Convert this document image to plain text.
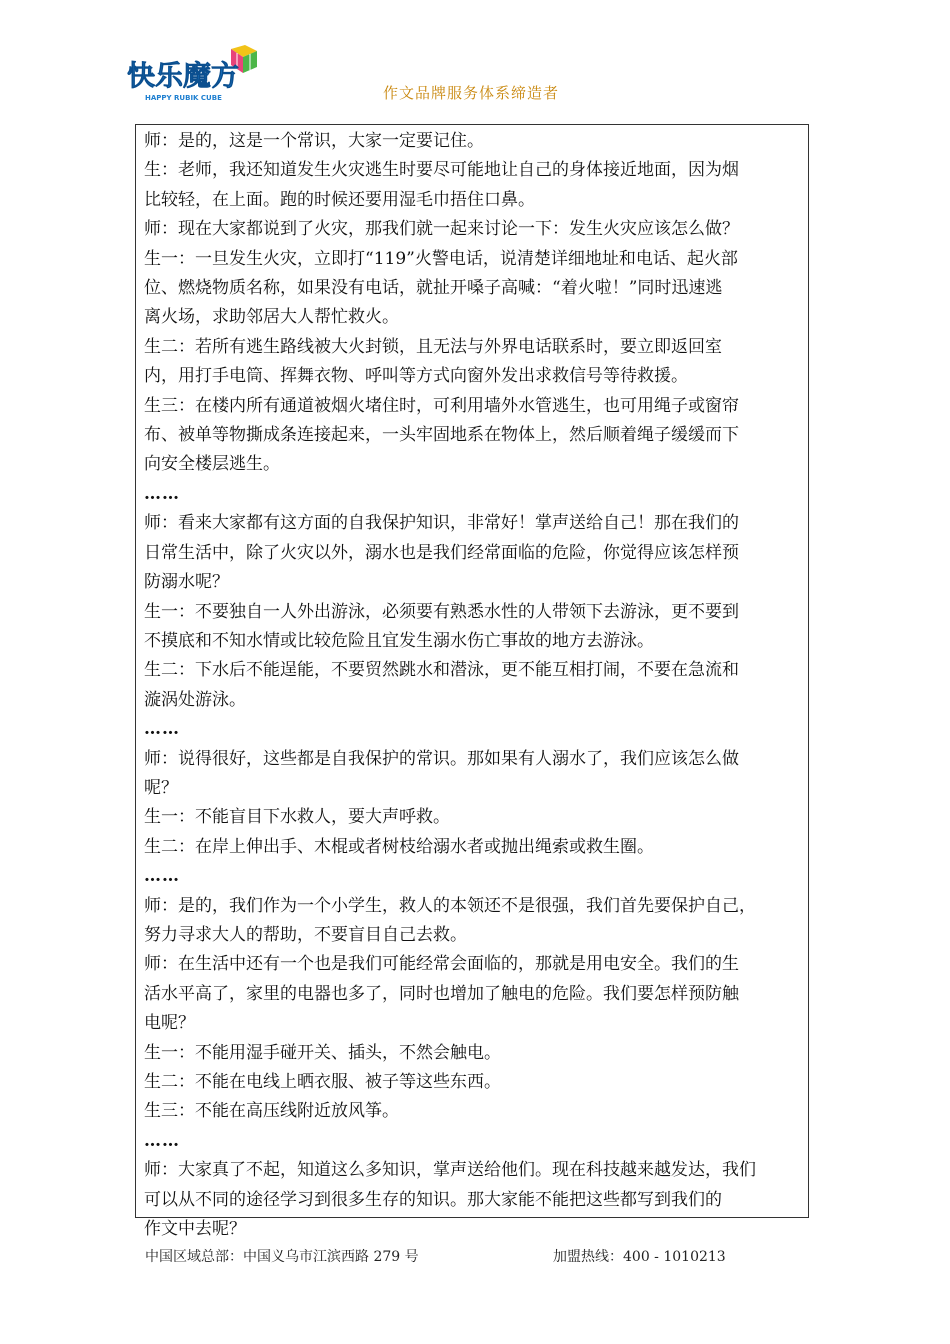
快乐魔方
HAPPY RUBIK CUBE	作文品牌服务体系缔造者
师：是的，这是一个常识，大家一定要记住。
生：老师，我还知道发生火灾逃生时要尽可能地让自己的身体接近地面，因为烟
比较轻，在上面。跑的时候还要用湿毛巾捂住口鼻。
师：现在大家都说到了火灾，那我们就一起来讨论一下：发生火灾应该怎么做？
生一：一旦发生火灾，立即打“119”火警电话，说清楚详细地址和电话、起火部
位、燃烧物质名称，如果没有电话，就扯开嗓子高喊：“着火啦！”同时迅速逃
离火场，求助邻居大人帮忙救火。
生二：若所有逃生路线被大火封锁，且无法与外界电话联系时，要立即返回室
内，用打手电筒、挥舞衣物、呼叫等方式向窗外发出求救信号等待救援。
生三：在楼内所有通道被烟火堵住时，可利用墙外水管逃生，也可用绳子或窗帘
布、被单等物撕成条连接起来，一头牢固地系在物体上，然后顺着绳子缓缓而下
向安全楼层逃生。
……
师：看来大家都有这方面的自我保护知识，非常好！掌声送给自己！那在我们的
日常生活中，除了火灾以外，溺水也是我们经常面临的危险，你觉得应该怎样预
防溺水呢？
生一：不要独自一人外出游泳，必须要有熟悉水性的人带领下去游泳，更不要到
不摸底和不知水情或比较危险且宜发生溺水伤亡事故的地方去游泳。
生二：下水后不能逞能，不要贸然跳水和潜泳，更不能互相打闹，不要在急流和
漩涡处游泳。
……
师：说得很好，这些都是自我保护的常识。那如果有人溺水了，我们应该怎么做
呢？
生一：不能盲目下水救人，要大声呼救。
生二：在岸上伸出手、木棍或者树枝给溺水者或抛出绳索或救生圈。
……
师：是的，我们作为一个小学生，救人的本领还不是很强，我们首先要保护自己，
努力寻求大人的帮助，不要盲目自己去救。
师：在生活中还有一个也是我们可能经常会面临的，那就是用电安全。我们的生
活水平高了，家里的电器也多了，同时也增加了触电的危险。我们要怎样预防触
电呢？
生一：不能用湿手碰开关、插头，不然会触电。
生二：不能在电线上晒衣服、被子等这些东西。
生三：不能在高压线附近放风筝。
……
师：大家真了不起，知道这么多知识，掌声送给他们。现在科技越来越发达，我们
可以从不同的途径学习到很多生存的知识。那大家能不能把这些都写到我们的
作文中去呢？
中国区域总部：中国义乌市江滨西路 279 号	加盟热线：400 - 1010213
